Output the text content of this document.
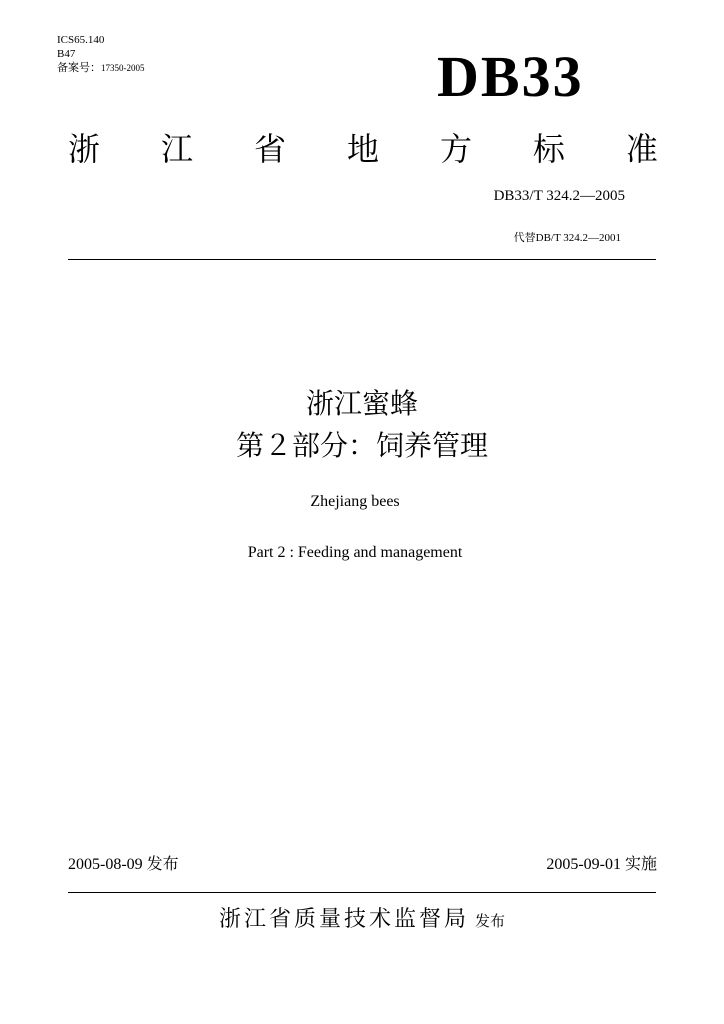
ICS65.140
B47
备案号：17350-2005	DB33
浙 江 省 地 方 标 准
DB33/T 324.2—2005
代替DB/T 324.2—2001
浙江蜜蜂
第２部分：饲养管理
Zhejiang bees
Part 2 : Feeding and management
2005-08-09 发布	2005-09-01 实施
浙江省质量技术监督局 发布
